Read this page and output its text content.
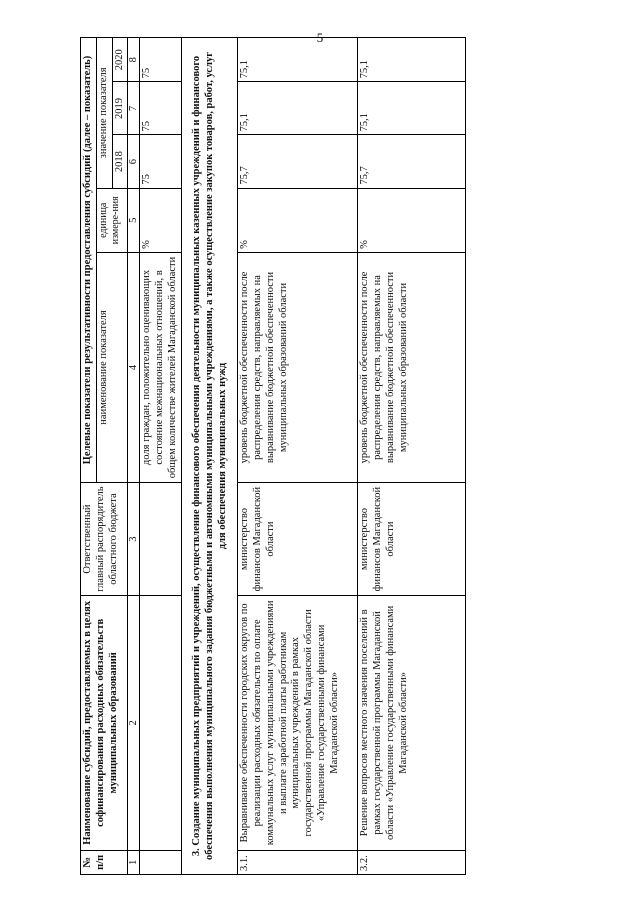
5
№ п/п	Наименование субсидий, предоставляемых в целях софинансирования расходных обязательств муниципальных образований	Ответственный главный распорядитель областного бюджета	Целевые показатели результативности предоставления субсидий (далее – показатель)				
			наименование показателя	единица измере-ния	значение показателя		
					2018	2019	2020
1	2	3	4	5	6	7	8
			доля граждан, положительно оценивающих состояние межнациональных отношений, в общем количестве жителей Магаданской области	%	75	75	75
3. Создание муниципальных предприятий и учреждений, осуществление финансового обеспечения деятельности муниципальных казенных учреждений и финансового обеспечения выполнения муниципального задания бюджетными и автономными муниципальными учреждениями, а также осуществление закупок товаров, работ, услуг для обеспечения муниципальных нужд							
3.1.	Выравнивание обеспеченности городских округов по реализации расходных обязательств по оплате коммунальных услуг муниципальными учреждениями и выплате заработной платы работникам муниципальных учреждений в рамках государственной программы Магаданской области «Управление государственными финансами Магаданской области»	министерство финансов Магаданской области	уровень бюджетной обеспеченности после распределения средств, направляемых на выравнивание бюджетной обеспеченности муниципальных образований области	%	75,7	75,1	75,1
3.2.	Решение вопросов местного значения поселений в рамках государственной программы Магаданской области «Управление государственными финансами Магаданской области»	министерство финансов Магаданской области	уровень бюджетной обеспеченности после распределения средств, направляемых на выравнивание бюджетной обеспеченности муниципальных образований области	%	75,7	75,1	75,1
